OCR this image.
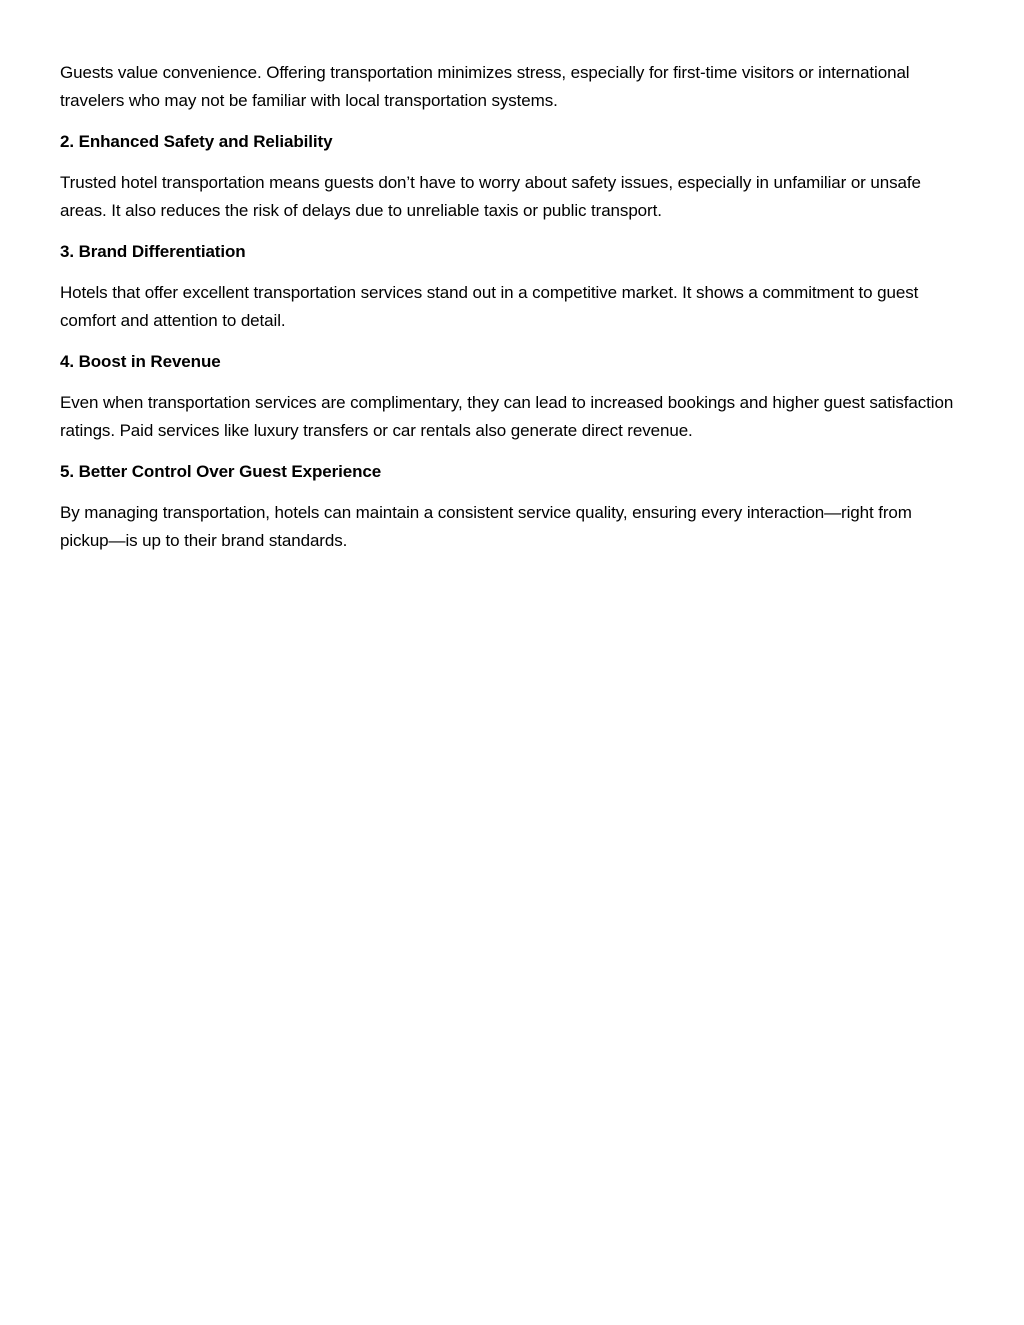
Guests value convenience. Offering transportation minimizes stress, especially for first-time visitors or international travelers who may not be familiar with local transportation systems.

2. Enhanced Safety and Reliability

Trusted hotel transportation means guests don’t have to worry about safety issues, especially in unfamiliar or unsafe areas. It also reduces the risk of delays due to unreliable taxis or public transport.

3. Brand Differentiation

Hotels that offer excellent transportation services stand out in a competitive market. It shows a commitment to guest comfort and attention to detail.

4. Boost in Revenue

Even when transportation services are complimentary, they can lead to increased bookings and higher guest satisfaction ratings. Paid services like luxury transfers or car rentals also generate direct revenue.

5. Better Control Over Guest Experience

By managing transportation, hotels can maintain a consistent service quality, ensuring every interaction—right from pickup—is up to their brand standards.
